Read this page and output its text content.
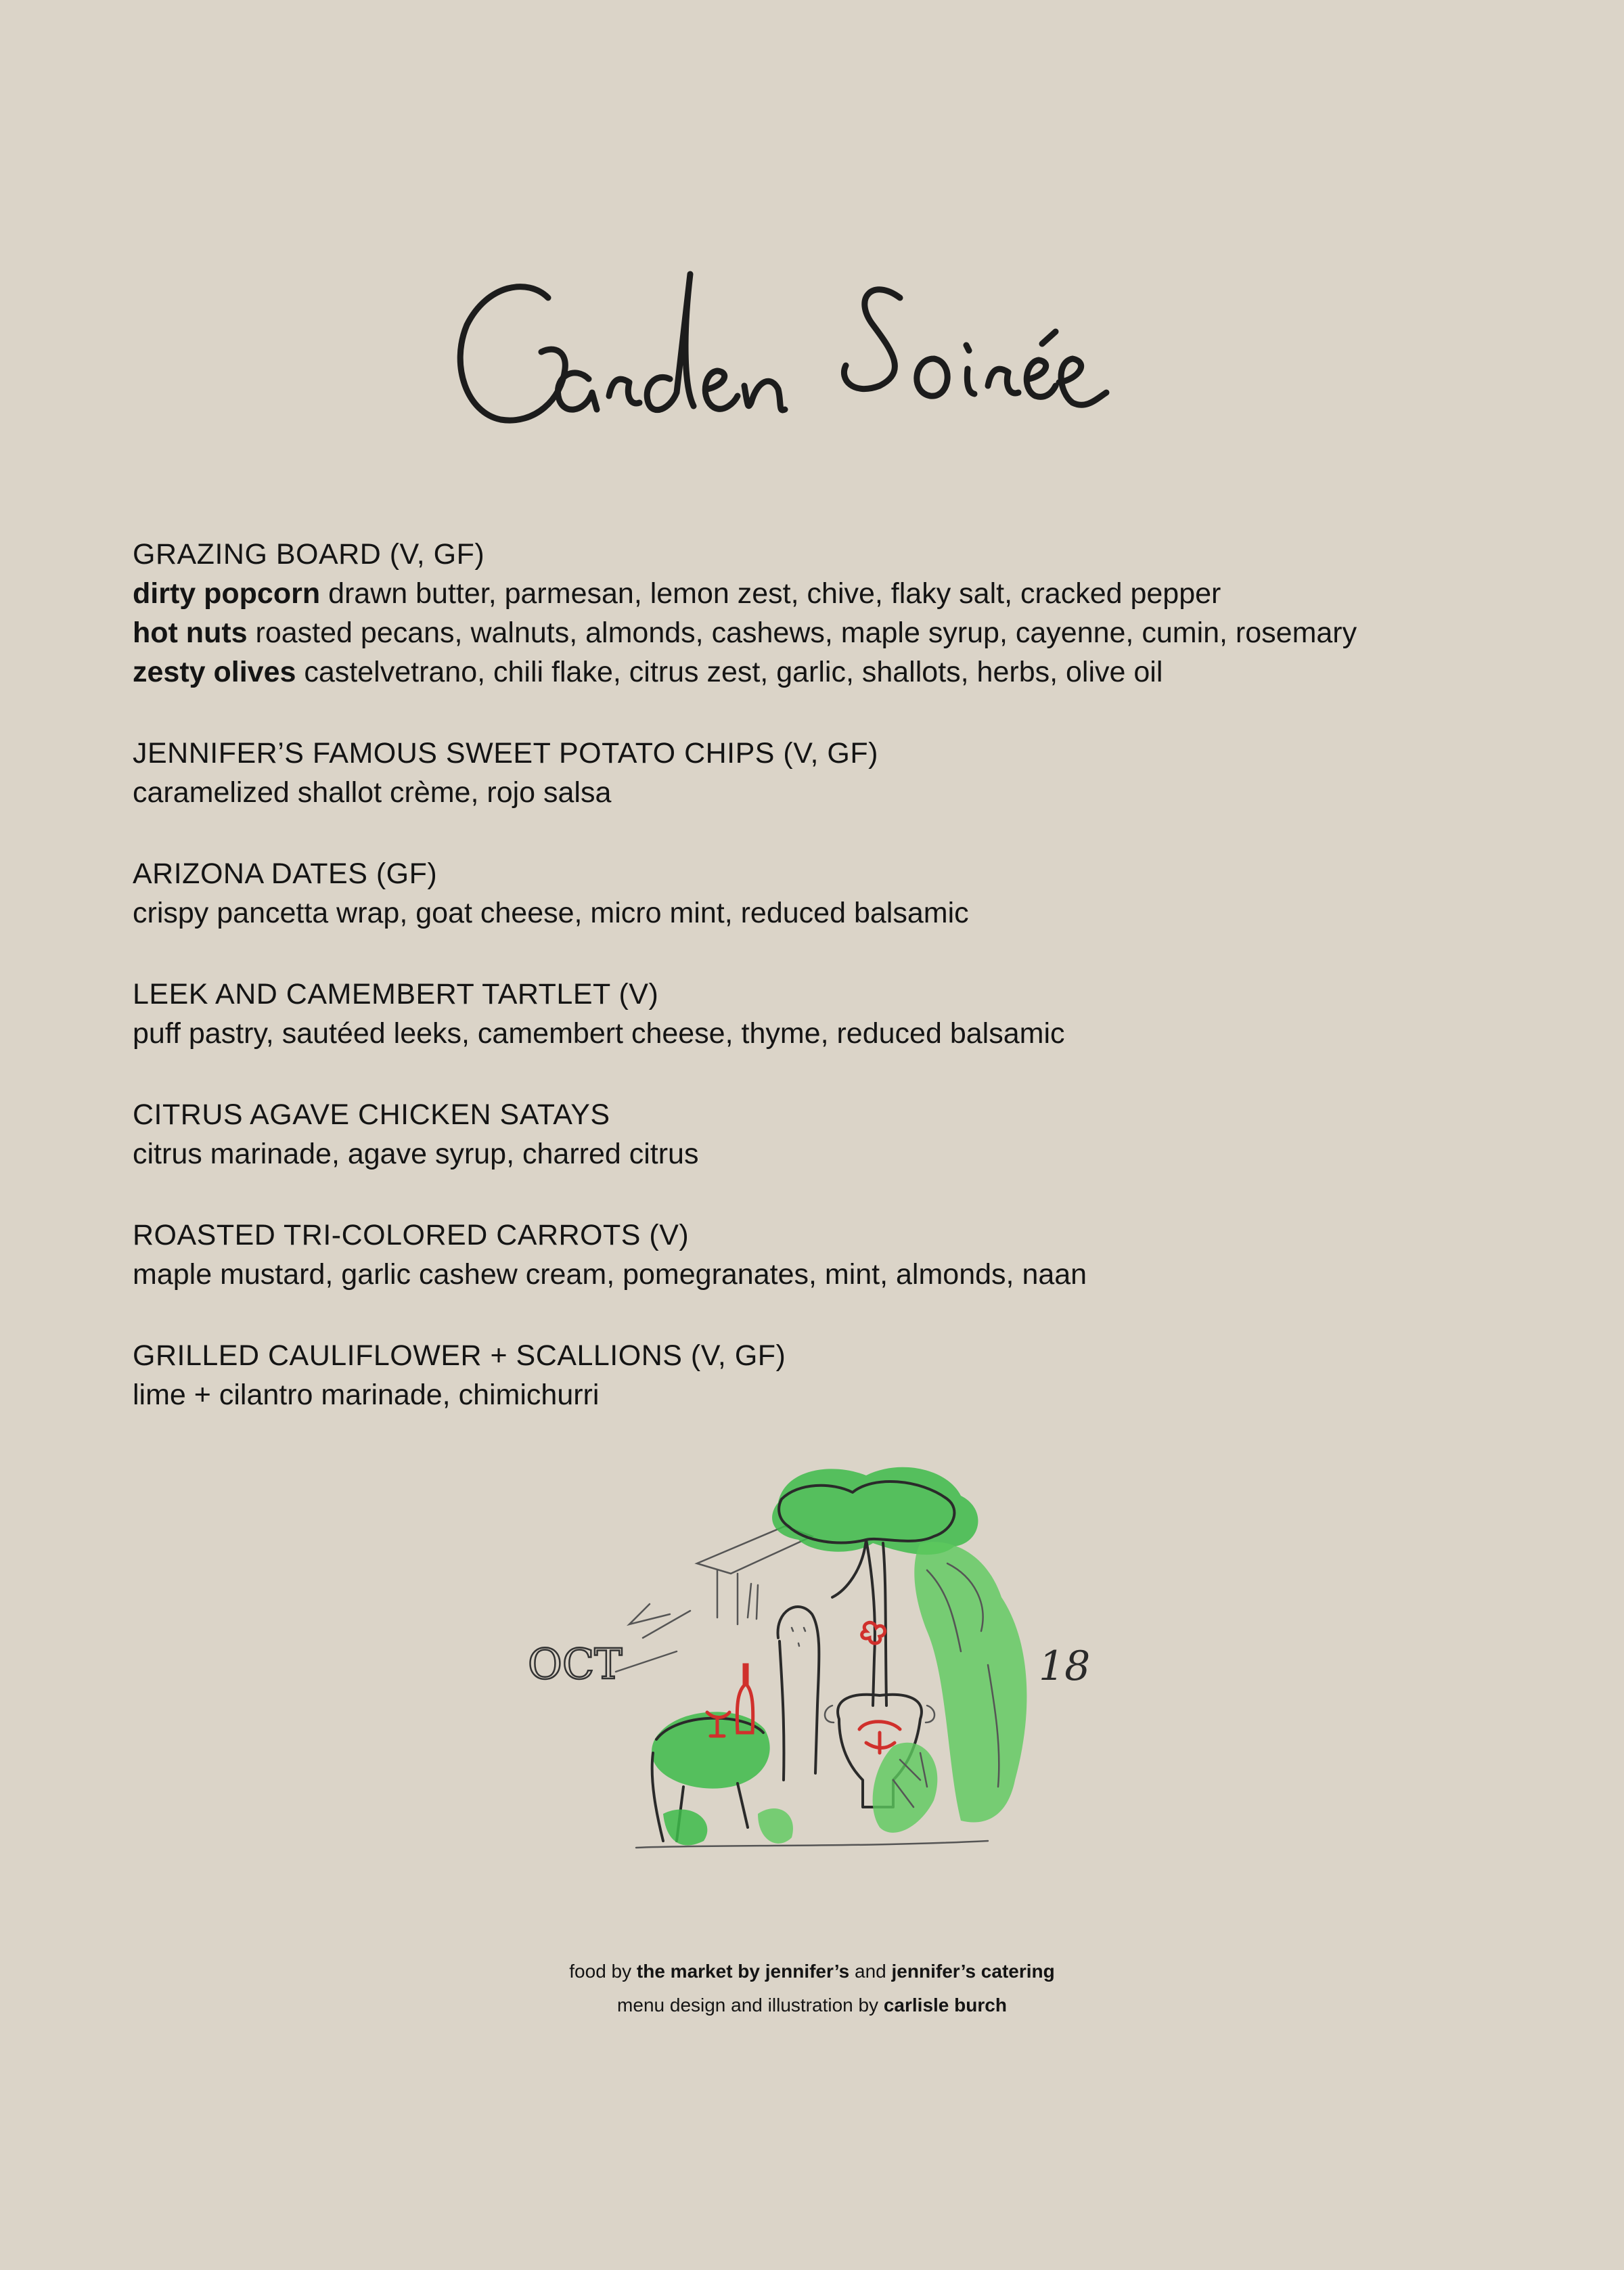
GRAZING BOARD (V, GF)
dirty popcorn drawn butter, parmesan, lemon zest, chive, flaky salt, cracked pepper
hot nuts roasted pecans, walnuts, almonds, cashews, maple syrup, cayenne, cumin, rosemary
zesty olives castelvetrano, chili flake, citrus zest, garlic, shallots, herbs, olive oil
JENNIFER’S FAMOUS SWEET POTATO CHIPS (V, GF)
caramelized shallot crème, rojo salsa
ARIZONA DATES (GF)
crispy pancetta wrap, goat cheese, micro mint, reduced balsamic
LEEK AND CAMEMBERT TARTLET (V)
puff pastry, sautéed leeks, camembert cheese, thyme, reduced balsamic
CITRUS AGAVE CHICKEN SATAYS
citrus marinade, agave syrup, charred citrus
ROASTED TRI-COLORED CARROTS (V)
maple mustard, garlic cashew cream, pomegranates, mint, almonds, naan
GRILLED CAULIFLOWER + SCALLIONS (V, GF)
lime + cilantro marinade, chimichurri
OCT	18
food by the market by jennifer’s and jennifer’s catering
menu design and illustration by carlisle burch
